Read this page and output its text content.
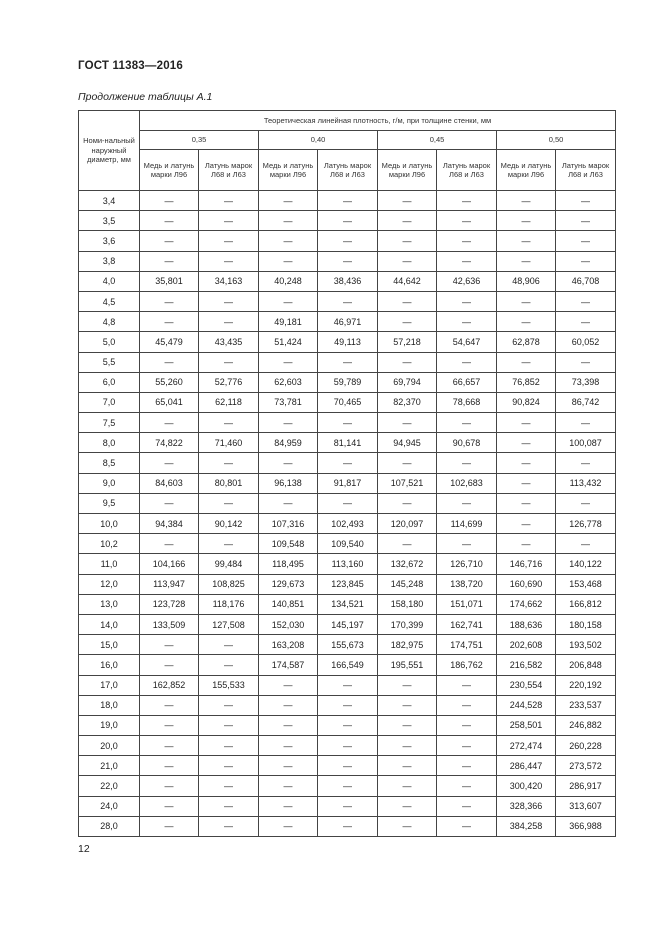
ГОСТ 11383—2016
Продолжение таблицы А.1
Номи-нальный наружный диаметр, мм	Теоретическая линейная плотность, г/м, при толщине стенки, мм							
	0,35		0,40		0,45		0,50	
	Медь и латунь марки Л96	Латунь марок Л68 и Л63	Медь и латунь марки Л96	Латунь марок Л68 и Л63	Медь и латунь марки Л96	Латунь марок Л68 и Л63	Медь и латунь марки Л96	Латунь марок Л68 и Л63
3,4	—	—	—	—	—	—	—	—
3,5	—	—	—	—	—	—	—	—
3,6	—	—	—	—	—	—	—	—
3,8	—	—	—	—	—	—	—	—
4,0	35,801	34,163	40,248	38,436	44,642	42,636	48,906	46,708
4,5	—	—	—	—	—	—	—	—
4,8	—	—	49,181	46,971	—	—	—	—
5,0	45,479	43,435	51,424	49,113	57,218	54,647	62,878	60,052
5,5	—	—	—	—	—	—	—	—
6,0	55,260	52,776	62,603	59,789	69,794	66,657	76,852	73,398
7,0	65,041	62,118	73,781	70,465	82,370	78,668	90,824	86,742
7,5	—	—	—	—	—	—	—	—
8,0	74,822	71,460	84,959	81,141	94,945	90,678	—	100,087
8,5	—	—	—	—	—	—	—	—
9,0	84,603	80,801	96,138	91,817	107,521	102,683	—	113,432
9,5	—	—	—	—	—	—	—	—
10,0	94,384	90,142	107,316	102,493	120,097	114,699	—	126,778
10,2	—	—	109,548	109,540	—	—	—	—
11,0	104,166	99,484	118,495	113,160	132,672	126,710	146,716	140,122
12,0	113,947	108,825	129,673	123,845	145,248	138,720	160,690	153,468
13,0	123,728	118,176	140,851	134,521	158,180	151,071	174,662	166,812
14,0	133,509	127,508	152,030	145,197	170,399	162,741	188,636	180,158
15,0	—	—	163,208	155,673	182,975	174,751	202,608	193,502
16,0	—	—	174,587	166,549	195,551	186,762	216,582	206,848
17,0	162,852	155,533	—	—	—	—	230,554	220,192
18,0	—	—	—	—	—	—	244,528	233,537
19,0	—	—	—	—	—	—	258,501	246,882
20,0	—	—	—	—	—	—	272,474	260,228
21,0	—	—	—	—	—	—	286,447	273,572
22,0	—	—	—	—	—	—	300,420	286,917
24,0	—	—	—	—	—	—	328,366	313,607
28,0	—	—	—	—	—	—	384,258	366,988
12
